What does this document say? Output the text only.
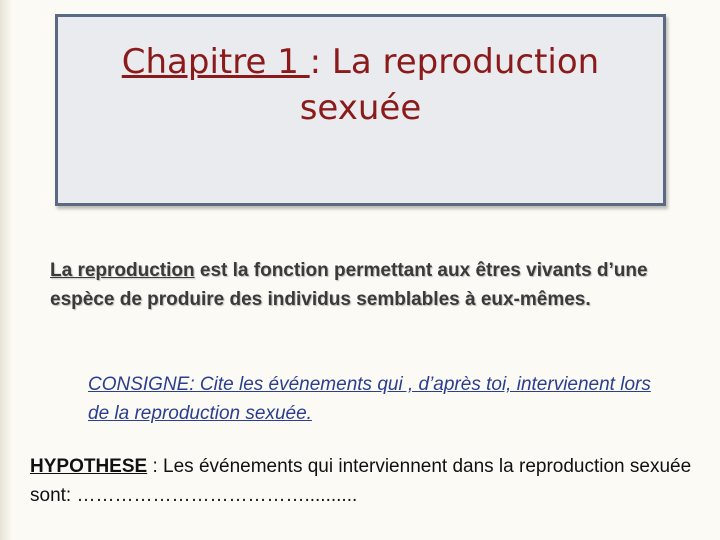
Chapitre 1 : La reproduction
sexuée

La reproduction est la fonction permettant aux êtres vivants d’une espèce de produire des individus semblables à eux-mêmes.

CONSIGNE: Cite les événements qui , d’après toi, intervienent lors de la reproduction sexuée.

HYPOTHESE : Les événements qui interviennent dans la reproduction sexuée sont: ………………………………..........
